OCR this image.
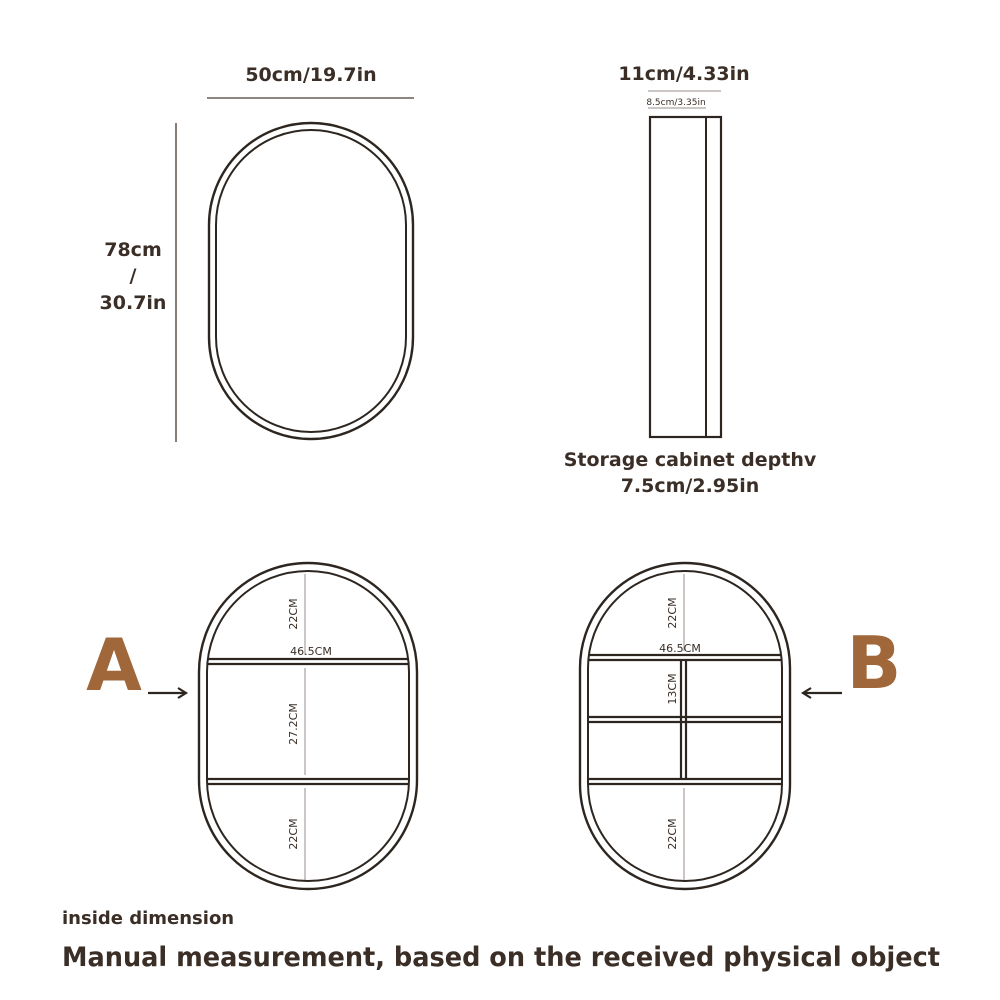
50cm/19.7in
78cm
/
30.7in
11cm/4.33in
8.5cm/3.35in
Storage cabinet depthv
7.5cm/2.95in
A
22CM
46.5CM
27.2CM
22CM
B
22CM
46.5CM
13CM
22CM
inside dimension
Manual measurement, based on the received physical object
